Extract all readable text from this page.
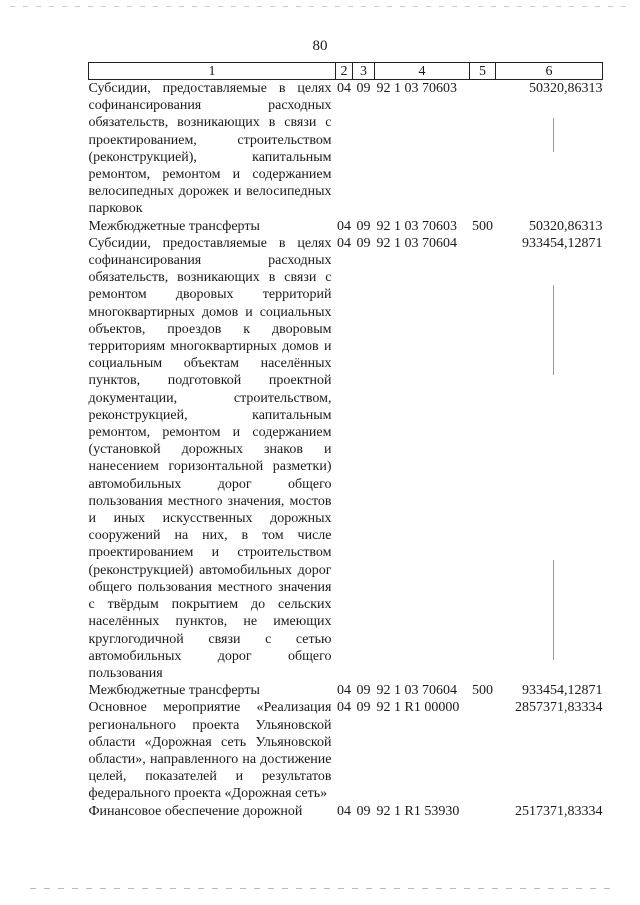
80
1	2	3	4	5	6
Субсидии, предоставляемые в целях софинансирования расходных обязательств, возникающих в связи с проектированием, строительством (реконструкцией), капитальным ремонтом, ремонтом и содержанием велосипедных дорожек и велосипедных парковок	04	09	92 1 03 70603		50320,86313
Межбюджетные трансферты	04	09	92 1 03 70603	500	50320,86313
Субсидии, предоставляемые в целях софинансирования расходных обязательств, возникающих в связи с ремонтом дворовых территорий многоквартирных домов и социальных объектов, проездов к дворовым территориям многоквартирных домов и социальным объектам населённых пунктов, подготовкой проектной документации, строительством, реконструкцией, капитальным ремонтом, ремонтом и содержанием (установкой дорожных знаков и нанесением горизонтальной разметки) автомобильных дорог общего пользования местного значения, мостов и иных искусственных дорожных сооружений на них, в том числе проектированием и строительством (реконструкцией) автомобильных дорог общего пользования местного значения с твёрдым покрытием до сельских населённых пунктов, не имеющих круглогодичной связи с сетью автомобильных дорог общего пользования	04	09	92 1 03 70604		933454,12871
Межбюджетные трансферты	04	09	92 1 03 70604	500	933454,12871
Основное мероприятие «Реализация регионального проекта Ульяновской области «Дорожная сеть Ульяновской области», направленного на достижение целей, показателей и результатов федерального проекта «Дорожная сеть»	04	09	92 1 R1 00000		2857371,83334
Финансовое обеспечение дорожной	04	09	92 1 R1 53930		2517371,83334
